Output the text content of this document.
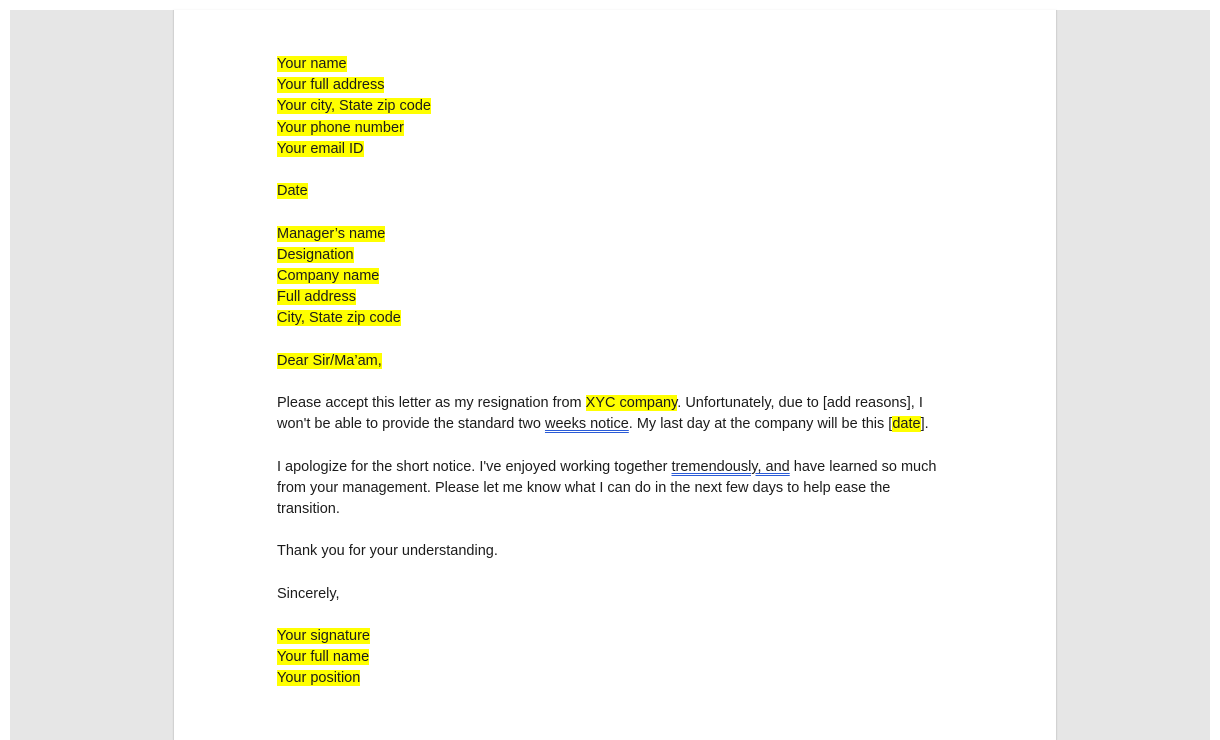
Your name
Your full address
Your city, State zip code
Your phone number
Your email ID
Date
Manager’s name
Designation
Company name
Full address
City, State zip code
Dear Sir/Ma’am,
Please accept this letter as my resignation from XYC company. Unfortunately, due to [add reasons], I
won't be able to provide the standard two weeks notice. My last day at the company will be this [date].
I apologize for the short notice. I've enjoyed working together tremendously, and have learned so much
from your management. Please let me know what I can do in the next few days to help ease the
transition.
Thank you for your understanding.
Sincerely,
Your signature
Your full name
Your position
